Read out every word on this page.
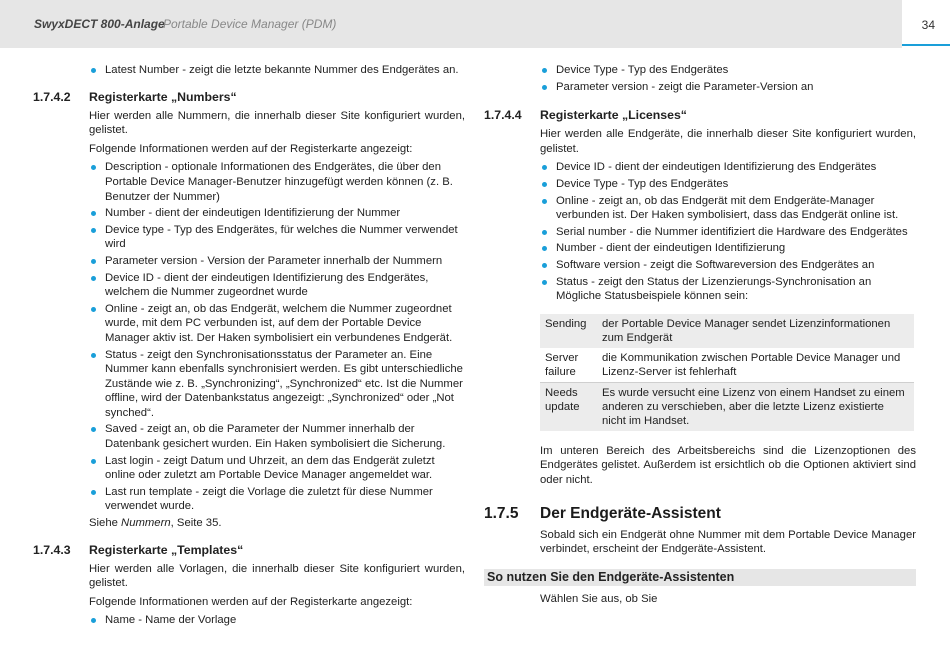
SwyxDECT 800-Anlage
Portable Device Manager (PDM)	34
Latest Number - zeigt die letzte bekannte Nummer des Endgerätes an.
1.7.4.2	Registerkarte „Numbers“

Hier werden alle Nummern, die innerhalb dieser Site konfiguriert wurden, gelistet.

Folgende Informationen werden auf der Registerkarte angezeigt:

Description - optionale Informationen des Endgerätes, die über den Portable Device Manager-Benutzer hinzugefügt werden können (z. B. Benutzer der Nummer)
Number - dient der eindeutigen Identifizierung der Nummer
Device type - Typ des Endgerätes, für welches die Nummer verwendet wird
Parameter version - Version der Parameter innerhalb der Nummern
Device ID - dient der eindeutigen Identifizierung des Endgerätes, welchem die Nummer zugeordnet wurde
Online - zeigt an, ob das Endgerät, welchem die Nummer zugeordnet wurde, mit dem PC verbunden ist, auf dem der Portable Device Manager aktiv ist. Der Haken symbolisiert ein verbundenes Endgerät.
Status - zeigt den Synchronisationsstatus der Parameter an. Eine Nummer kann ebenfalls synchronisiert werden. Es gibt unterschiedliche Zustände wie z. B. „Synchronizing“, „Synchronized“ etc. Ist die Nummer offline, wird der Datenbankstatus angezeigt: „Synchronized“ oder „Not synched“.
Saved - zeigt an, ob die Parameter der Nummer innerhalb der Datenbank gesichert wurden. Ein Haken symbolisiert die Sicherung.
Last login - zeigt Datum und Uhrzeit, an dem das Endgerät zuletzt online oder zuletzt am Portable Device Manager angemeldet war.
Last run template - zeigt die Vorlage die zuletzt für diese Nummer verwendet wurde.

Siehe Nummern, Seite 35.

1.7.4.3	Registerkarte „Templates“

Hier werden alle Vorlagen, die innerhalb dieser Site konfiguriert wurden, gelistet.

Folgende Informationen werden auf der Registerkarte angezeigt:

Name - Name der Vorlage
Device Type - Typ des Endgerätes
Parameter version - zeigt die Parameter-Version an
1.7.4.4	Registerkarte „Licenses“

Hier werden alle Endgeräte, die innerhalb dieser Site konfiguriert wurden, gelistet.

Device ID - dient der eindeutigen Identifizierung des Endgerätes
Device Type - Typ des Endgerätes
Online - zeigt an, ob das Endgerät mit dem Endgeräte-Manager verbunden ist. Der Haken symbolisiert, dass das Endgerät online ist.
Serial number - die Nummer identifiziert die Hardware des Endgerätes
Number - dient der eindeutigen Identifizierung
Software version - zeigt die Softwareversion des Endgerätes an
Status - zeigt den Status der Lizenzierungs-Synchronisation an Mögliche Statusbeispiele können sein:
Sending	der Portable Device Manager sendet Lizenzinformationen zum Endgerät
Server failure	die Kommunikation zwischen Portable Device Manager und Lizenz-Server ist fehlerhaft
Needs update	Es wurde versucht eine Lizenz von einem Handset zu einem anderen zu verschieben, aber die letzte Lizenz existierte nicht im Handset.

Im unteren Bereich des Arbeitsbereichs sind die Lizenzoptionen des Endgerätes gelistet. Außerdem ist ersichtlich ob die Optionen aktiviert sind oder nicht.

1.7.5	Der Endgeräte-Assistent

Sobald sich ein Endgerät ohne Nummer mit dem Portable Device Manager verbindet, erscheint der Endgeräte-Assistent.

So nutzen Sie den Endgeräte-Assistenten

Wählen Sie aus, ob Sie
